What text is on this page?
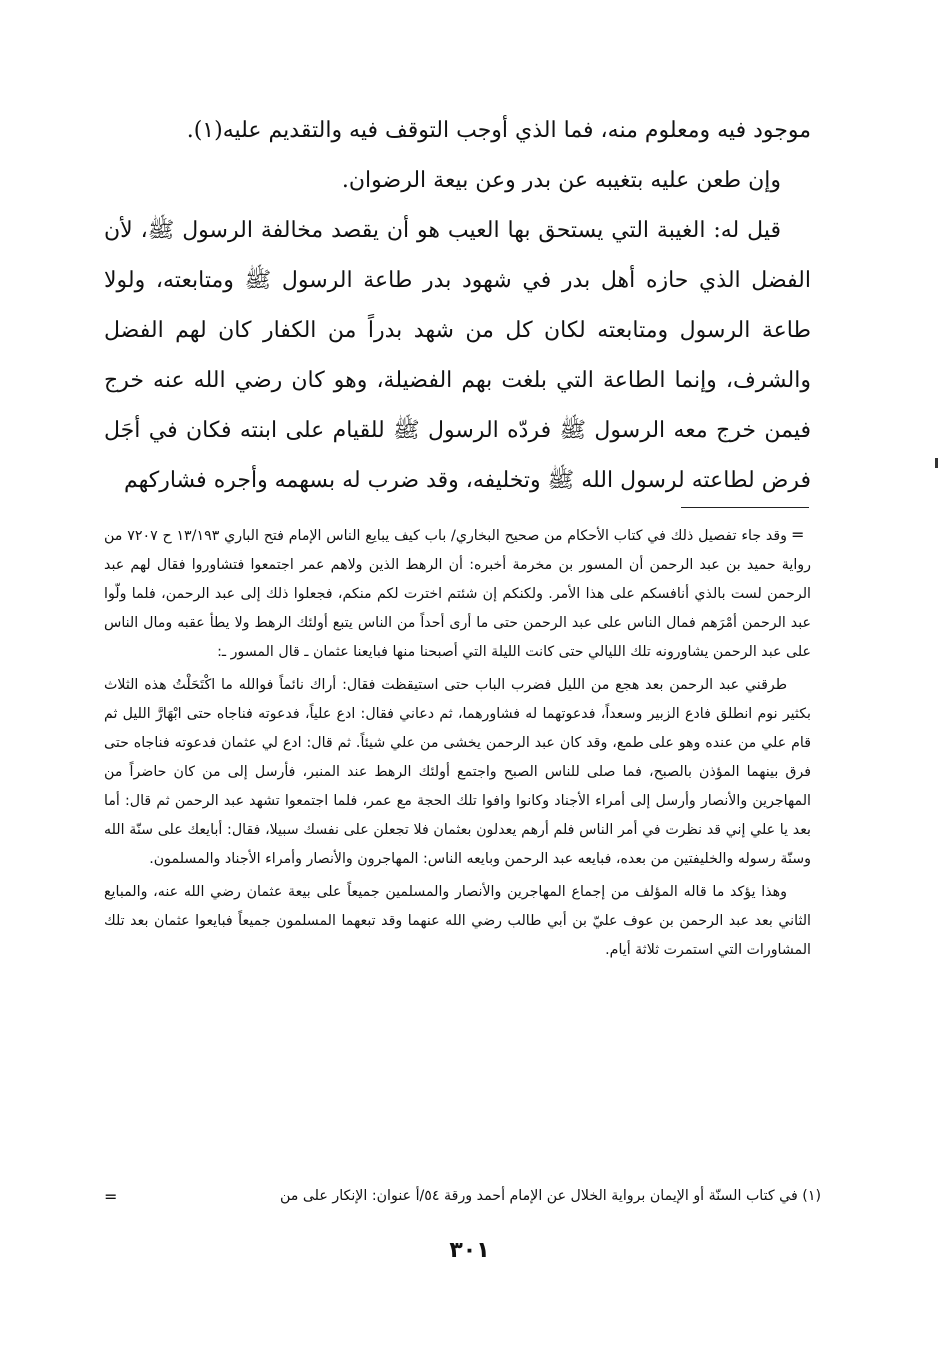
موجود فيه ومعلوم منه، فما الذي أوجب التوقف فيه والتقديم عليه(١).

وإن طعن عليه بتغيبه عن بدر وعن بيعة الرضوان.

قيل له: الغيبة التي يستحق بها العيب هو أن يقصد مخالفة الرسول ﷺ، لأن الفضل الذي حازه أهل بدر في شهود بدر طاعة الرسول ﷺ ومتابعته، ولولا طاعة الرسول ومتابعته لكان كل من شهد بدراً من الكفار كان لهم الفضل والشرف، وإنما الطاعة التي بلغت بهم الفضيلة، وهو كان رضي الله عنه خرج فيمن خرج معه الرسول ﷺ فردّه الرسول ﷺ للقيام على ابنته فكان في أجَل فرض لطاعته لرسول الله ﷺ وتخليفه، وقد ضرب له بسهمه وأجره فشاركهم

=

وقد جاء تفصيل ذلك في كتاب الأحكام من صحيح البخاري/ باب كيف يبايع الناس الإمام فتح الباري ١٣/١٩٣ ح ٧٢٠٧ من رواية حميد بن عبد الرحمن أن المسور بن مخرمة أخبره: أن الرهط الذين ولاهم عمر اجتمعوا فتشاوروا فقال لهم عبد الرحمن لست بالذي أنافسكم على هذا الأمر. ولكنكم إن شئتم اخترت لكم منكم، فجعلوا ذلك إلى عبد الرحمن، فلما ولّوا عبد الرحمن أمْرَهم فمال الناس على عبد الرحمن حتى ما أرى أحداً من الناس يتبع أولئك الرهط ولا يطأ عقبه ومال الناس على عبد الرحمن يشاورونه تلك الليالي حتى كانت الليلة التي أصبحنا منها فبايعنا عثمان ـ قال المسور ـ:

طرقني عبد الرحمن بعد هجع من الليل فضرب الباب حتى استيقظت فقال: أراك نائماً فوالله ما اكْتَحَلْتُ هذه الثلاث بكثير نوم انطلق فادع الزبير وسعداً، فدعوتهما له فشاورهما، ثم دعاني فقال: ادع علياً، فدعوته فناجاه حتى ابْهَارَّ الليل ثم قام علي من عنده وهو على طمع، وقد كان عبد الرحمن يخشى من علي شيئاً. ثم قال: ادع لي عثمان فدعوته فناجاه حتى فرق بينهما المؤذن بالصبح، فما صلى للناس الصبح واجتمع أولئك الرهط عند المنبر، فأرسل إلى من كان حاضراً من المهاجرين والأنصار وأرسل إلى أمراء الأجناد وكانوا وافوا تلك الحجة مع عمر، فلما اجتمعوا تشهد عبد الرحمن ثم قال: أما بعد يا علي إني قد نظرت في أمر الناس فلم أرهم يعدلون بعثمان فلا تجعلن على نفسك سبيلا، فقال: أبايعك على سنّة الله وسنّة رسوله والخليفتين من بعده، فبايعه عبد الرحمن وبايعه الناس: المهاجرون والأنصار وأمراء الأجناد والمسلمون.

وهذا يؤكد ما قاله المؤلف من إجماع المهاجرين والأنصار والمسلمين جميعاً على بيعة عثمان رضي الله عنه، والمبايع الثاني بعد عبد الرحمن بن عوف عليّ بن أبي طالب رضي الله عنهما وقد تبعهما المسلمون جميعاً فبايعوا عثمان بعد تلك المشاورات التي استمرت ثلاثة أيام.

(١) في كتاب السنّة أو الإيمان برواية الخلال عن الإمام أحمد ورقة ٥٤/أ عنوان: الإنكار على من
=
٣٠١
